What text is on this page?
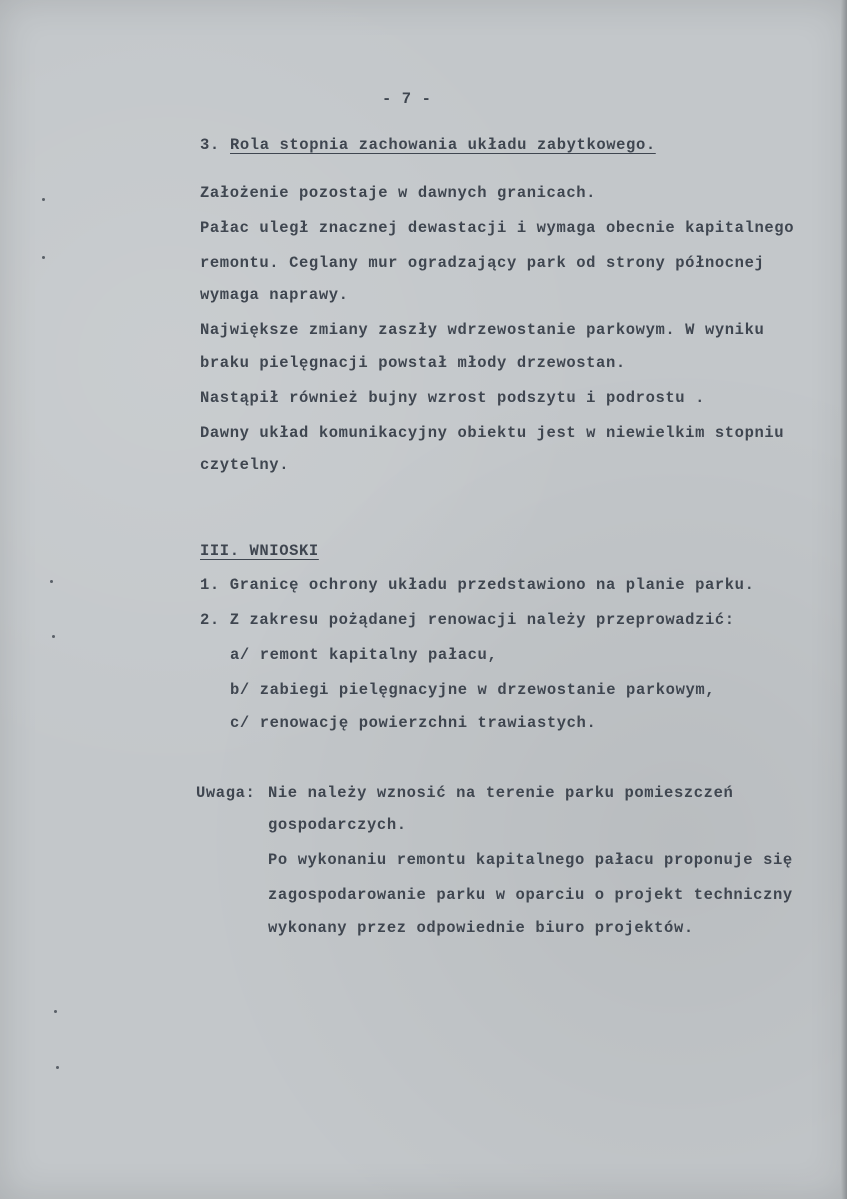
- 7 -

3. Rola stopnia zachowania układu zabytkowego.

Założenie pozostaje w dawnych granicach.

Pałac uległ znacznej dewastacji i wymaga obecnie kapitalnego

remontu. Ceglany mur ogradzający park od strony północnej

wymaga naprawy.

Największe zmiany zaszły wdrzewostanie parkowym. W wyniku

braku pielęgnacji powstał młody drzewostan.

Nastąpił również bujny wzrost podszytu i podrostu .

Dawny układ komunikacyjny obiektu jest w niewielkim stopniu

czytelny.

III. WNIOSKI

1. Granicę ochrony układu przedstawiono na planie parku.

2. Z zakresu pożądanej renowacji należy przeprowadzić:

a/ remont kapitalny pałacu,

b/ zabiegi pielęgnacyjne w drzewostanie parkowym,

c/ renowację powierzchni trawiastych.

Uwaga: Nie należy wznosić na terenie parku pomieszczeń

gospodarczych.

Po wykonaniu remontu kapitalnego pałacu proponuje się

zagospodarowanie parku w oparciu o projekt techniczny

wykonany przez odpowiednie biuro projektów.
